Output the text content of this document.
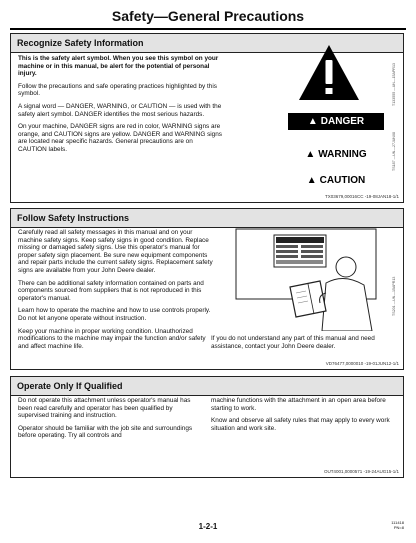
Safety—General Precautions
Recognize Safety Information

This is the safety alert symbol. When you see this symbol on your machine or in this manual, be alert for the potential of personal injury.

Follow the precautions and safe operating practices highlighted by this symbol.

A signal word — DANGER, WARNING, or CAUTION — is used with the safety alert symbol. DANGER identifies the most serious hazards.

On your machine, DANGER signs are red in color, WARNING signs are orange, and CAUTION signs are yellow. DANGER and WARNING signs are located near specific hazards. General precautions are on CAUTION labels.

T133555 —UN—15APR13
TS187 —UN—27JUN08
▲ DANGER
▲ WARNING
▲ CAUTION
TX03679,00016CC -19-08JAN18-1/1
Follow Safety Instructions

Carefully read all safety messages in this manual and on your machine safety signs. Keep safety signs in good condition. Replace missing or damaged safety signs. Use this operator's manual for proper safety sign placement. Be sure new equipment components and repair parts include the current safety signs. Replacement safety signs are available from your John Deere dealer.

There can be additional safety information contained on parts and components sourced from suppliers that is not reproduced in this operator's manual.

Learn how to operate the machine and how to use controls properly. Do not let anyone operate without instruction.

Keep your machine in proper working condition. Unauthorized modifications to the machine may impair the function and/or safety and affect machine life.

TS201 —UN—15APR13

If you do not understand any part of this manual and need assistance, contact your John Deere dealer.

VD76477,0000010 -19-01JUN12-1/1
Operate Only If Qualified

Do not operate this attachment unless operator's manual has been read carefully and operator has been qualified by supervised training and instruction.

Operator should be familiar with the job site and surroundings before operating. Try all controls and

machine functions with the attachment in an open area before starting to work.

Know and observe all safety rules that may apply to every work situation and work site.

OUT4001,0000571 -19-24AUG15-1/1
1-2-1	111418
PN=8
